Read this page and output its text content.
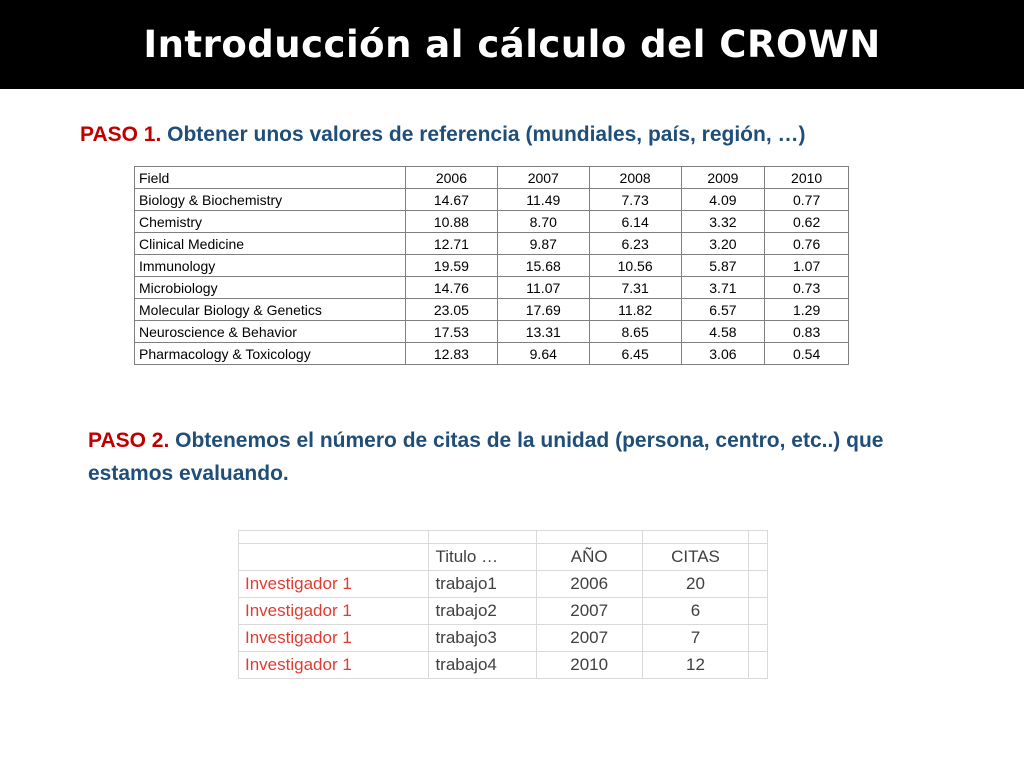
Introducción al cálculo del CROWN
PASO 1. Obtener unos valores de referencia (mundiales, país, región, …)
Field	2006	2007	2008	2009	2010
Biology & Biochemistry	14.67	11.49	7.73	4.09	0.77
Chemistry	10.88	8.70	6.14	3.32	0.62
Clinical Medicine	12.71	9.87	6.23	3.20	0.76
Immunology	19.59	15.68	10.56	5.87	1.07
Microbiology	14.76	11.07	7.31	3.71	0.73
Molecular Biology & Genetics	23.05	17.69	11.82	6.57	1.29
Neuroscience & Behavior	17.53	13.31	8.65	4.58	0.83
Pharmacology & Toxicology	12.83	9.64	6.45	3.06	0.54
PASO 2. Obtenemos el número de citas de la unidad (persona, centro, etc..) que estamos evaluando.

	Titulo …	AÑO	CITAS	
Investigador 1	trabajo1	2006	20	
Investigador 1	trabajo2	2007	6	
Investigador 1	trabajo3	2007	7	
Investigador 1	trabajo4	2010	12	
